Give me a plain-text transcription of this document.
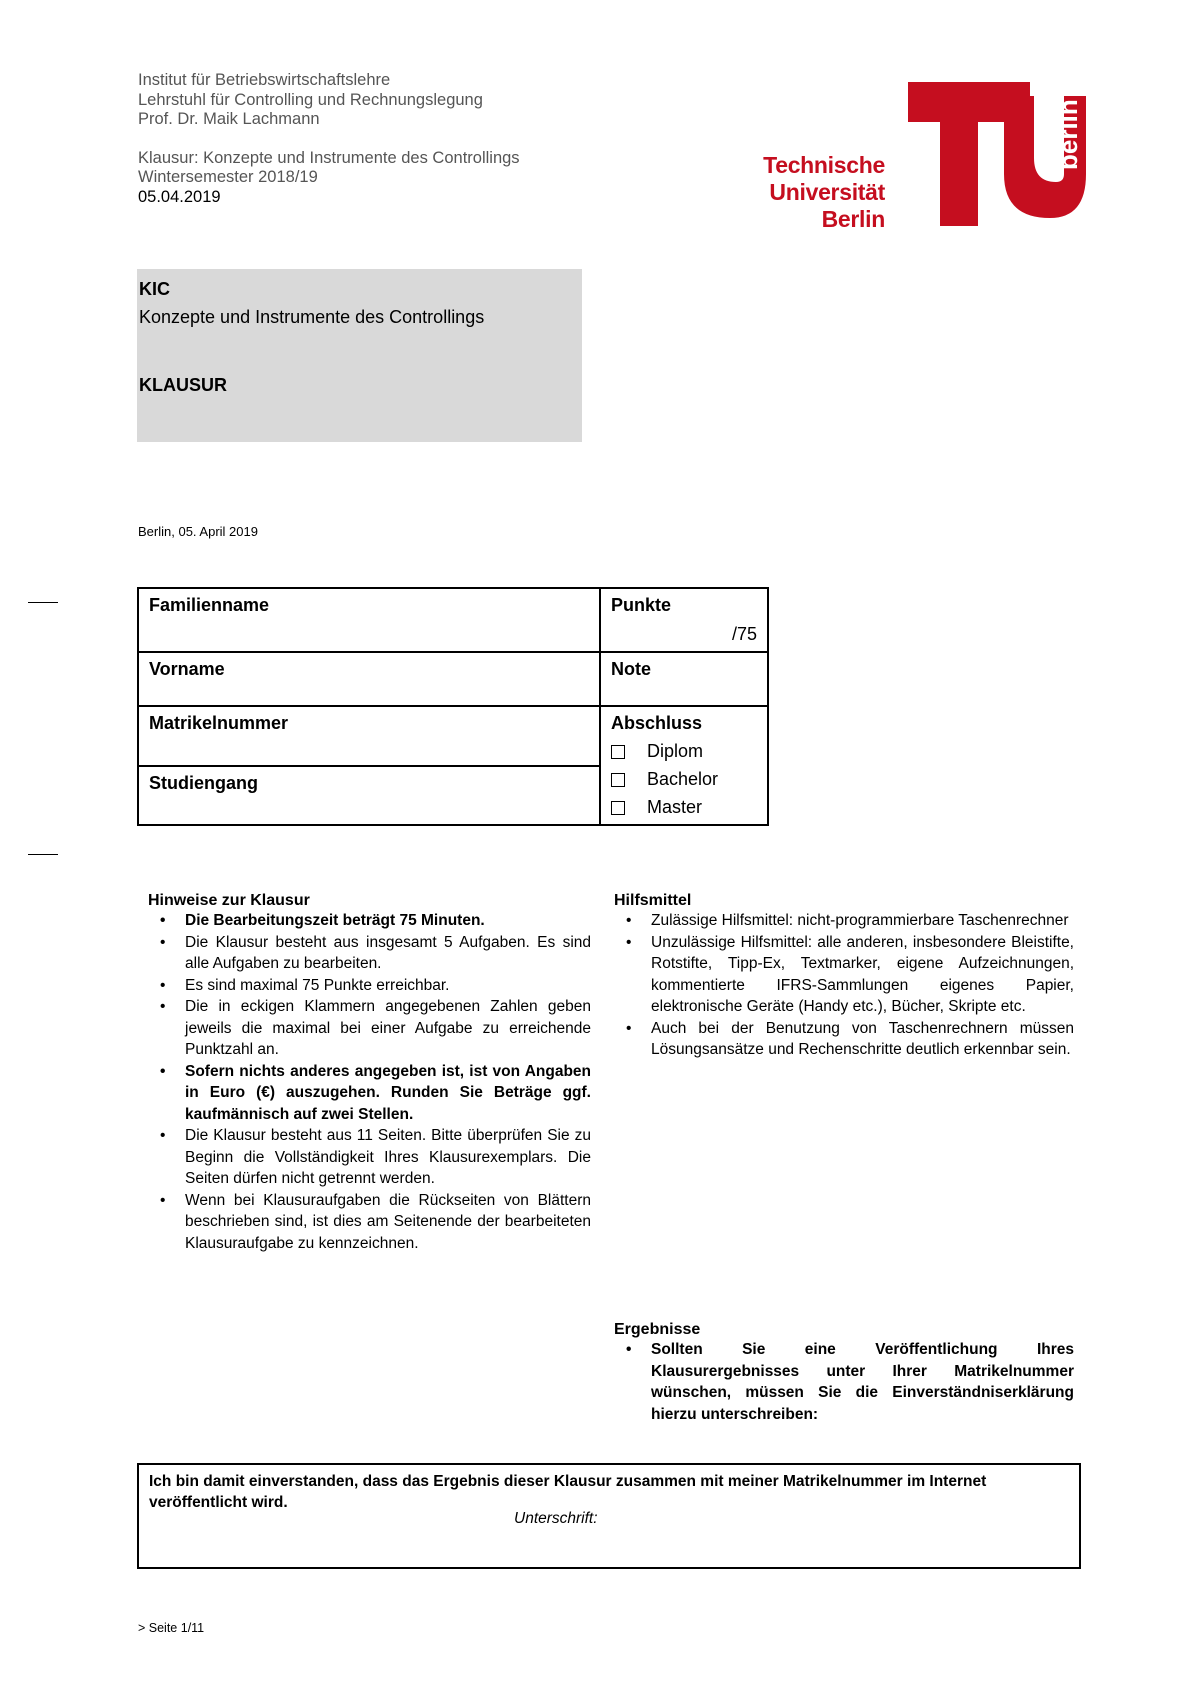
Institut für Betriebswirtschaftslehre
Lehrstuhl für Controlling und Rechnungslegung
Prof. Dr. Maik Lachmann
Klausur: Konzepte und Instrumente des Controllings
Wintersemester 2018/19
05.04.2019
berlin
Technische
Universität
Berlin
KIC
Konzepte und Instrumente des Controllings
KLAUSUR
Berlin, 05. April 2019
Familienname	Punkte
/75

Vorname	Note
Matrikelnummer	Abschluss
Diplom
Bachelor
Master

Studiengang	
Hinweise zur Klausur
• Die Bearbeitungszeit beträgt 75 Minuten.
• Die Klausur besteht aus insgesamt 5 Aufgaben. Es sind alle Aufgaben zu bearbeiten.
• Es sind maximal 75 Punkte erreichbar.
• Die in eckigen Klammern angegebenen Zahlen geben jeweils die maximal bei einer Aufgabe zu erreichende Punktzahl an.
• Sofern nichts anderes angegeben ist, ist von Angaben in Euro (€) auszugehen. Runden Sie Beträge ggf. kaufmännisch auf zwei Stellen.
• Die Klausur besteht aus 11 Seiten. Bitte überprüfen Sie zu Beginn die Vollständigkeit Ihres Klausurexemplars. Die Seiten dürfen nicht getrennt werden.
• Wenn bei Klausuraufgaben die Rückseiten von Blättern beschrieben sind, ist dies am Seitenende der bearbeiteten Klausuraufgabe zu kennzeichnen.
Hilfsmittel
• Zulässige Hilfsmittel: nicht-programmierbare Taschenrechner
• Unzulässige Hilfsmittel: alle anderen, insbesondere Bleistifte, Rotstifte, Tipp-Ex, Textmarker, eigene Aufzeichnungen, kommentierte IFRS-Sammlungen eigenes Papier, elektronische Geräte (Handy etc.), Bücher, Skripte etc.
• Auch bei der Benutzung von Taschenrechnern müssen Lösungsansätze und Rechenschritte deutlich erkennbar sein.
Ergebnisse
• Sollten Sie eine Veröffentlichung Ihres Klausurergebnisses unter Ihrer Matrikelnummer wünschen, müssen Sie die Einverständniserklärung hierzu unterschreiben:
Ich bin damit einverstanden, dass das Ergebnis dieser Klausur zusammen mit meiner Matrikelnummer im Internet veröffentlicht wird.
Unterschrift:
> Seite 1/11
